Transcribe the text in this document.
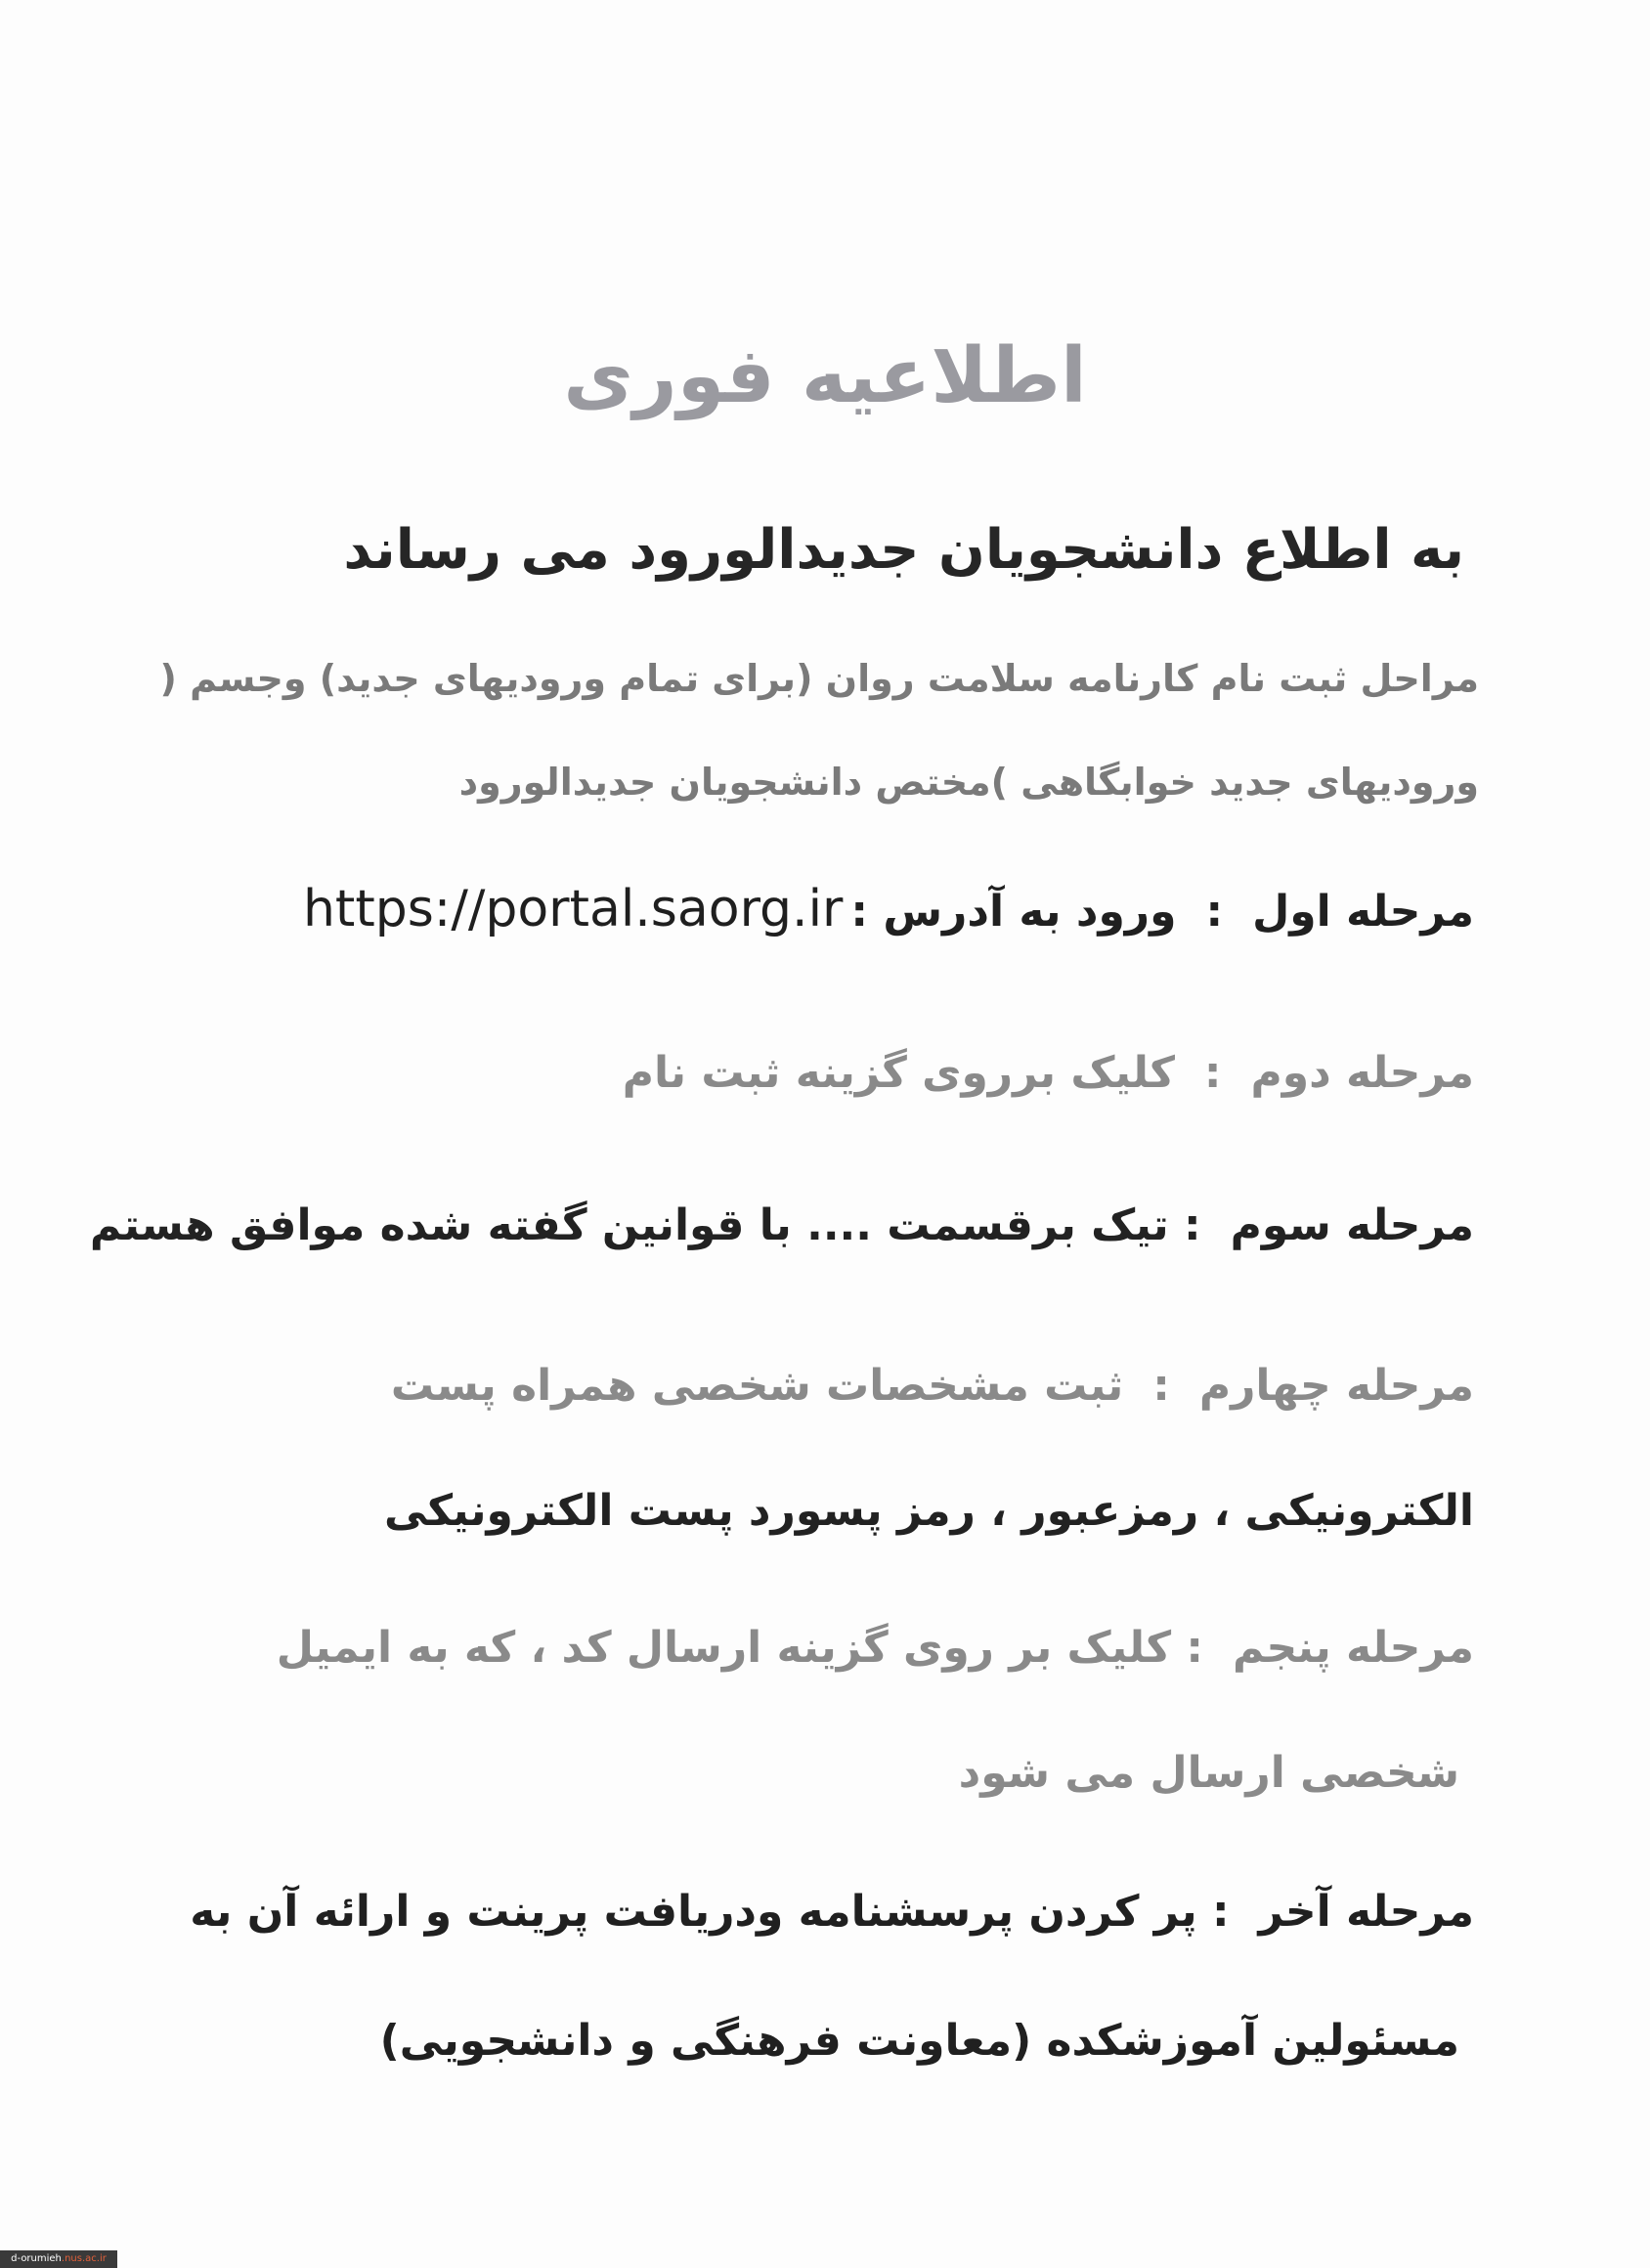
اطلاعیه فوری
به اطلاع دانشجویان جدیدالورود می رساند
مراحل ثبت نام کارنامه سلامت روان (برای تمام ورودیهای جدید) وجسم (
ورودیهای جدید خوابگاهی )مختص دانشجویان جدیدالورود
مرحله اول:ورود به آدرس :https://portal.saorg.ir
مرحله دوم:کلیک برروی گزینه ثبت نام
مرحله سوم: تیک برقسمت .... با قوانین گفته شده موافق هستم
مرحله چهارم:ثبت مشخصات شخصی همراه پست
الکترونیکی ، رمزعبور ، رمز پسورد پست الکترونیکی
مرحله پنجم: کلیک بر روی گزینه ارسال کد ، که به ایمیل
شخصی ارسال می شود
مرحله آخر: پر کردن پرسشنامه ودریافت پرینت و ارائه آن به
مسئولین آموزشکده (معاونت فرهنگی و دانشجویی)
d-orumieh.nus.ac.ir
